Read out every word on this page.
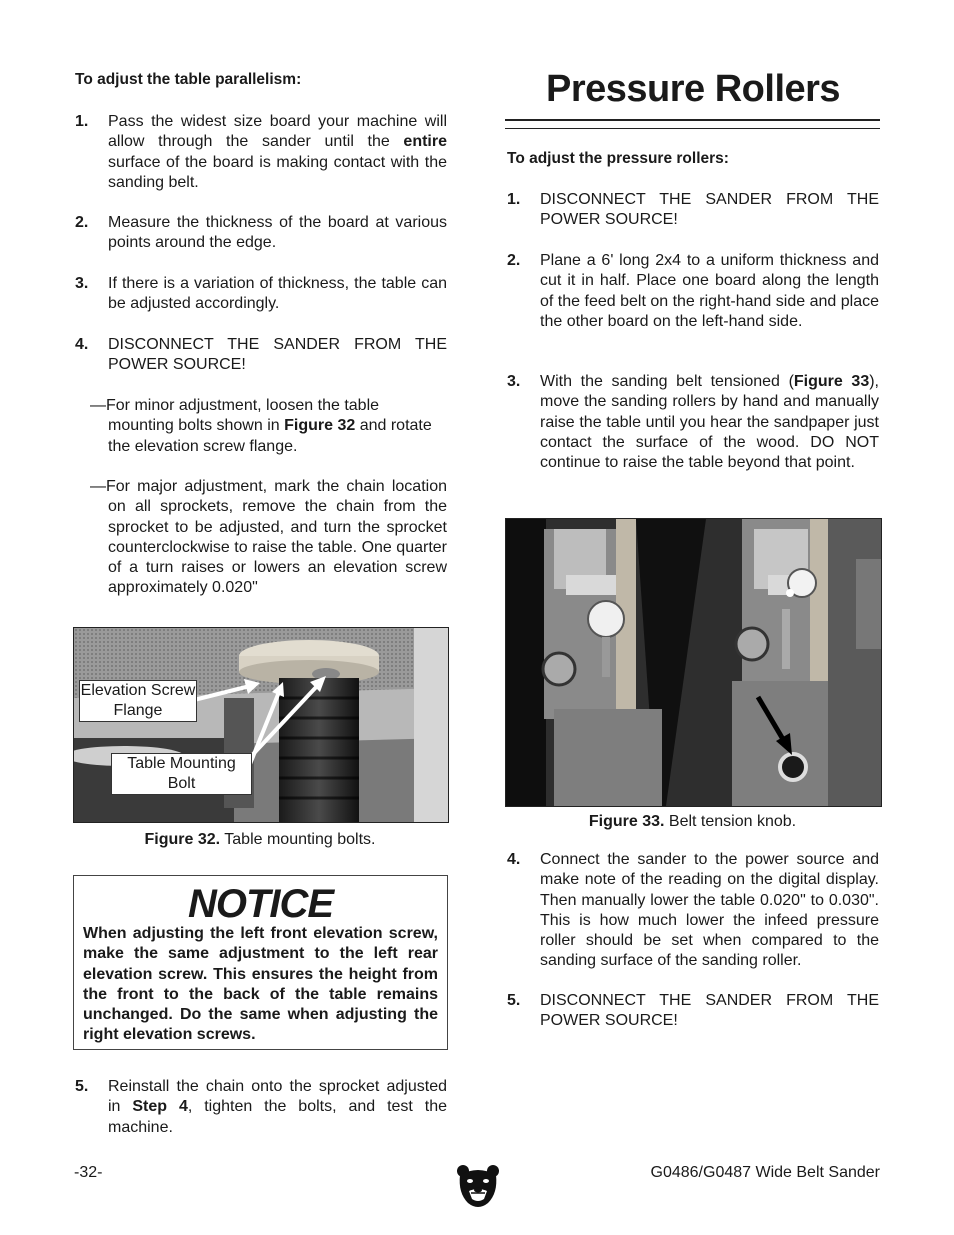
To adjust the table parallelism:
1. Pass the widest size board your machine will allow through the sander until the entire surface of the board is making contact with the sanding belt.
2. Measure the thickness of the board at various points around the edge.
3. If there is a variation of thickness, the table can be adjusted accordingly.
4. DISCONNECT THE SANDER FROM THE POWER SOURCE!
—For minor adjustment, loosen the table mounting bolts shown in Figure 32 and rotate the elevation screw flange.
—For major adjustment, mark the chain location on all sprockets, remove the chain from the sprocket to be adjusted, and turn the sprocket counterclockwise to raise the table. One quarter of a turn raises or lowers an elevation screw approximately 0.020"
Elevation Screw Flange
Table Mounting Bolt
Figure 32. Table mounting bolts.
NOTICE
When adjusting the left front elevation screw, make the same adjustment to the left rear elevation screw. This ensures the height from the front to the back of the table remains unchanged. Do the same when adjusting the right elevation screws.
5. Reinstall the chain onto the sprocket adjusted in Step 4, tighten the bolts, and test the machine.
Pressure Rollers
To adjust the pressure rollers:
1. DISCONNECT THE SANDER FROM THE POWER SOURCE!
2. Plane a 6' long 2x4 to a uniform thickness and cut it in half. Place one board along the length of the feed belt on the right-hand side and place the other board on the left-hand side.
3. With the sanding belt tensioned (Figure 33), move the sanding rollers by hand and manually raise the table until you hear the sandpaper just contact the surface of the wood. DO NOT continue to raise the table beyond that point.
Figure 33. Belt tension knob.
4. Connect the sander to the power source and make note of the reading on the digital display. Then manually lower the table 0.020" to 0.030". This is how much lower the infeed pressure roller should be set when compared to the sanding surface of the sanding roller.
5. DISCONNECT THE SANDER FROM THE POWER SOURCE!
-32-	G0486/G0487 Wide Belt Sander
